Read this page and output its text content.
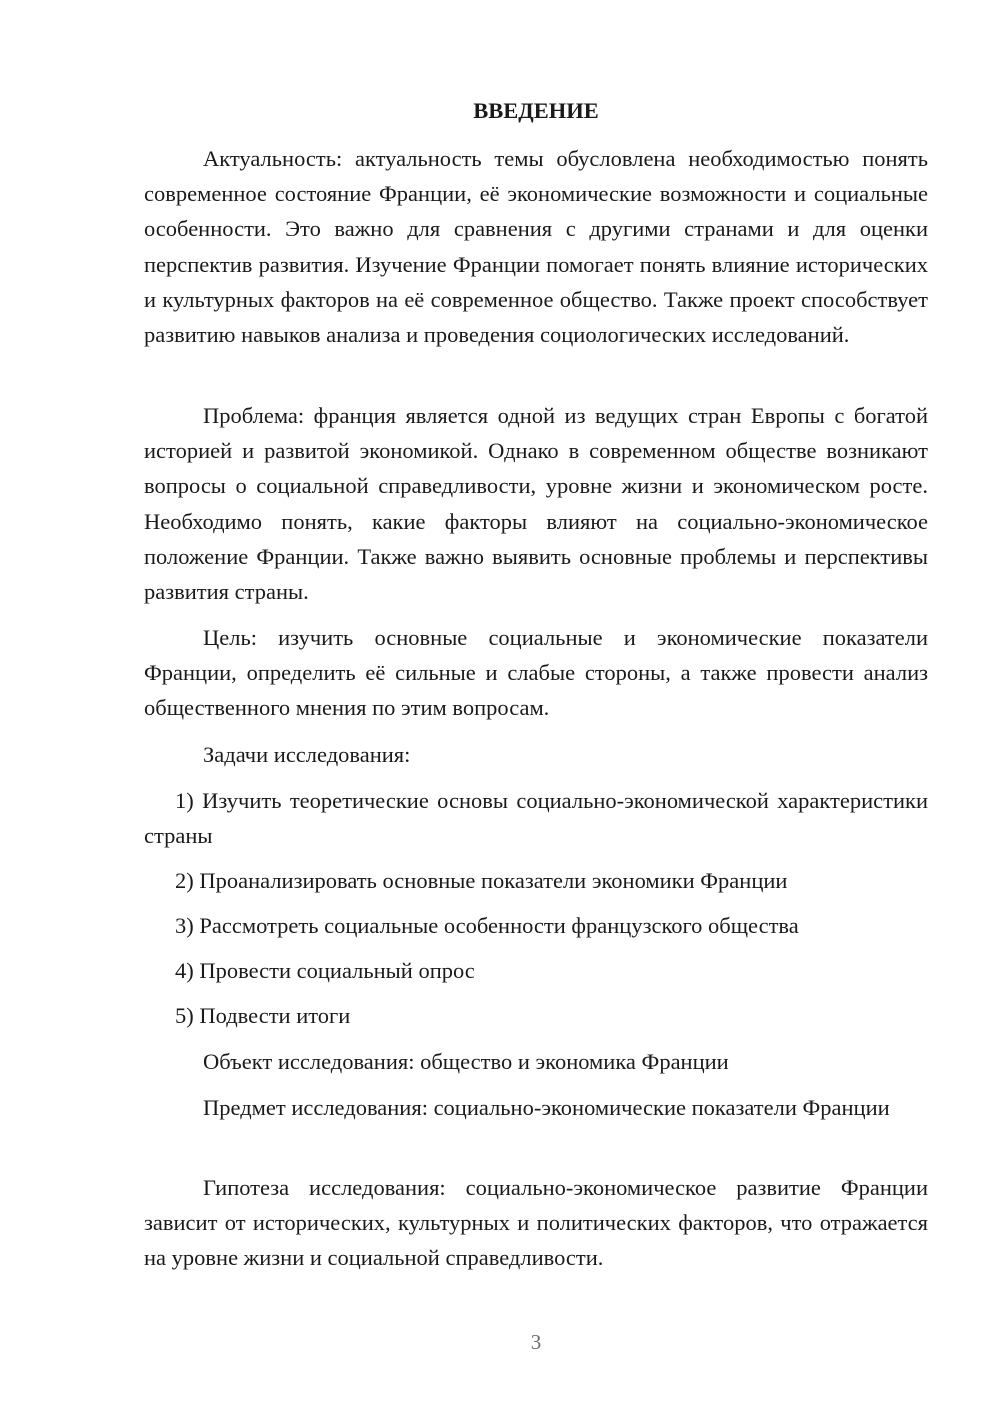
ВВЕДЕНИЕ

Актуальность: актуальность темы обусловлена необходимостью понять современное состояние Франции, её экономические возможности и социальные особенности. Это важно для сравнения с другими странами и для оценки перспектив развития. Изучение Франции помогает понять влияние исторических и культурных факторов на её современное общество. Также проект способствует развитию навыков анализа и проведения социологических исследований.

Проблема: франция является одной из ведущих стран Европы с богатой историей и развитой экономикой. Однако в современном обществе возникают вопросы о социальной справедливости, уровне жизни и экономическом росте. Необходимо понять, какие факторы влияют на социально-экономическое положение Франции. Также важно выявить основные проблемы и перспективы развития страны.

Цель: изучить основные социальные и экономические показатели Франции, определить её сильные и слабые стороны, а также провести анализ общественного мнения по этим вопросам.

Задачи исследования:

1) Изучить теоретические основы социально-экономической характеристики страны

2) Проанализировать основные показатели экономики Франции

3) Рассмотреть социальные особенности французского общества

4) Провести социальный опрос

5) Подвести итоги

Объект исследования: общество и экономика Франции

Предмет исследования: социально-экономические показатели Франции

Гипотеза исследования: социально-экономическое развитие Франции зависит от исторических, культурных и политических факторов, что отражается на уровне жизни и социальной справедливости.

3
